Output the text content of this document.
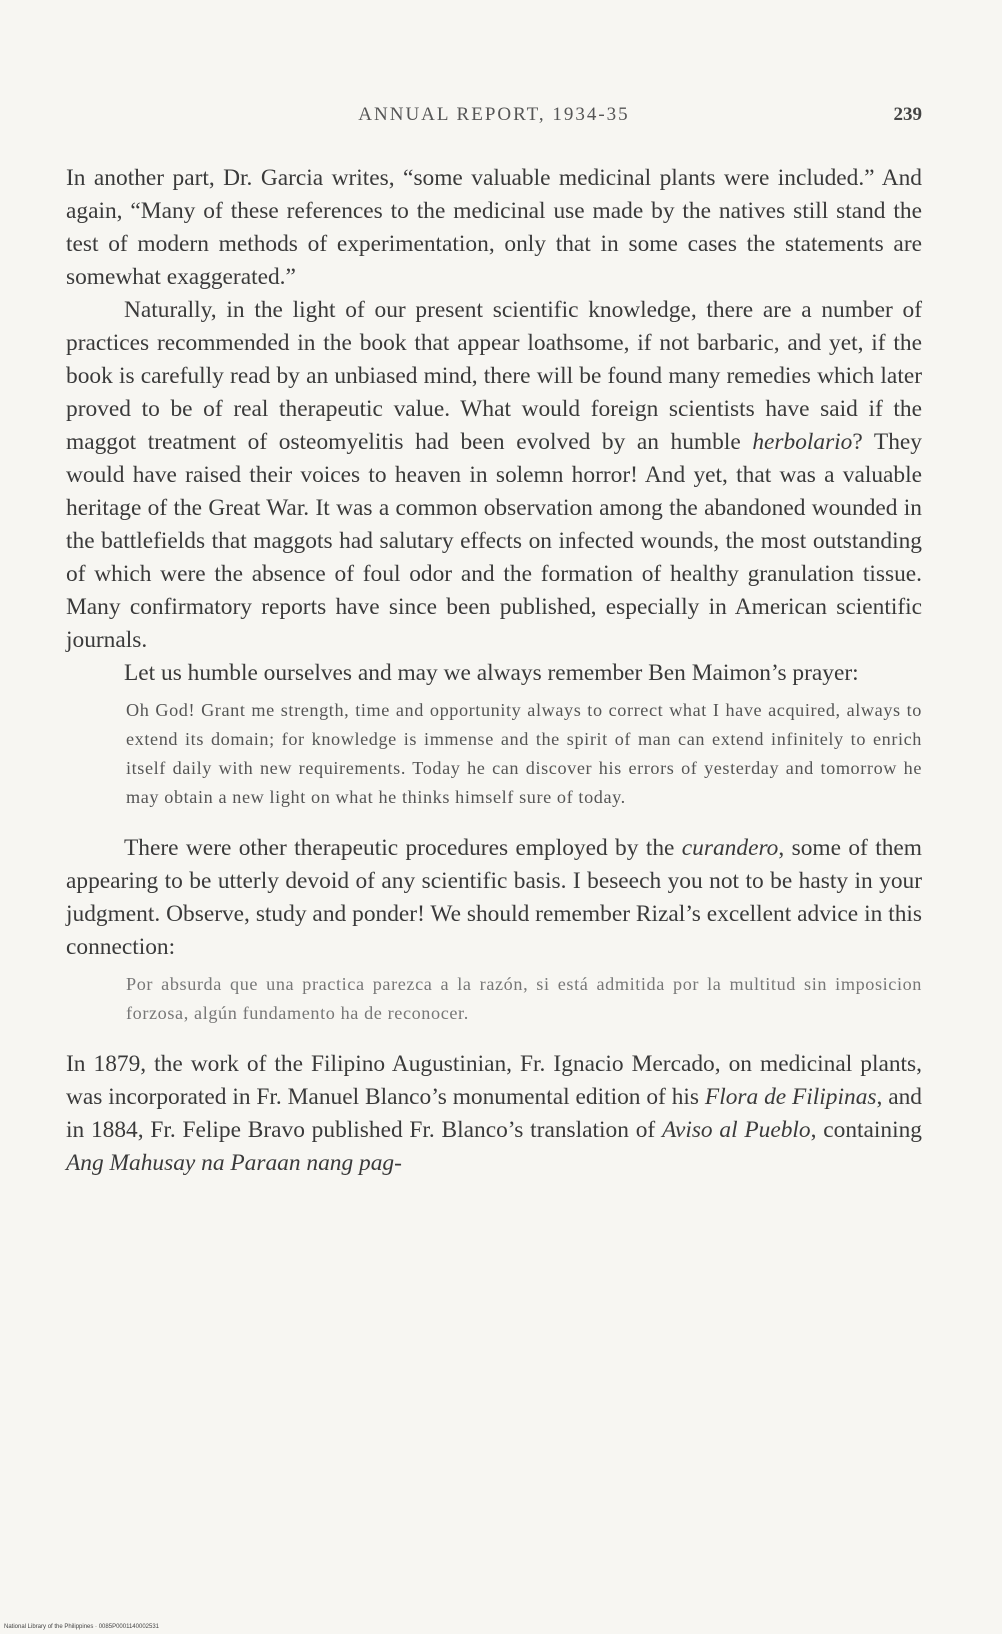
ANNUAL REPORT, 1934-35	239

In another part, Dr. Garcia writes, “some valuable medicinal plants were included.” And again, “Many of these references to the medicinal use made by the natives still stand the test of modern methods of experimentation, only that in some cases the statements are somewhat exaggerated.”

Naturally, in the light of our present scientific knowledge, there are a number of practices recommended in the book that appear loathsome, if not barbaric, and yet, if the book is carefully read by an unbiased mind, there will be found many remedies which later proved to be of real therapeutic value. What would foreign scientists have said if the maggot treatment of osteomyelitis had been evolved by an humble herbolario? They would have raised their voices to heaven in solemn horror! And yet, that was a valuable heritage of the Great War. It was a common observation among the abandoned wounded in the battlefields that maggots had salutary effects on infected wounds, the most outstanding of which were the absence of foul odor and the formation of healthy granulation tissue. Many confirmatory reports have since been published, especially in American scientific journals.

Let us humble ourselves and may we always remember Ben Maimon’s prayer:

Oh God! Grant me strength, time and opportunity always to correct what I have acquired, always to extend its domain; for knowledge is immense and the spirit of man can extend infinitely to enrich itself daily with new requirements. Today he can discover his errors of yesterday and tomorrow he may obtain a new light on what he thinks himself sure of today.

There were other therapeutic procedures employed by the curandero, some of them appearing to be utterly devoid of any scientific basis. I beseech you not to be hasty in your judgment. Observe, study and ponder! We should remember Rizal’s excellent advice in this connection:

Por absurda que una practica parezca a la razón, si está admitida por la multitud sin imposicion forzosa, algún fundamento ha de reconocer.

In 1879, the work of the Filipino Augustinian, Fr. Ignacio Mercado, on medicinal plants, was incorporated in Fr. Manuel Blanco’s monumental edition of his Flora de Filipinas, and in 1884, Fr. Felipe Bravo published Fr. Blanco’s translation of Aviso al Pueblo, containing Ang Mahusay na Paraan nang pag-

National Library of the Philippines · 0085P0001140002531
